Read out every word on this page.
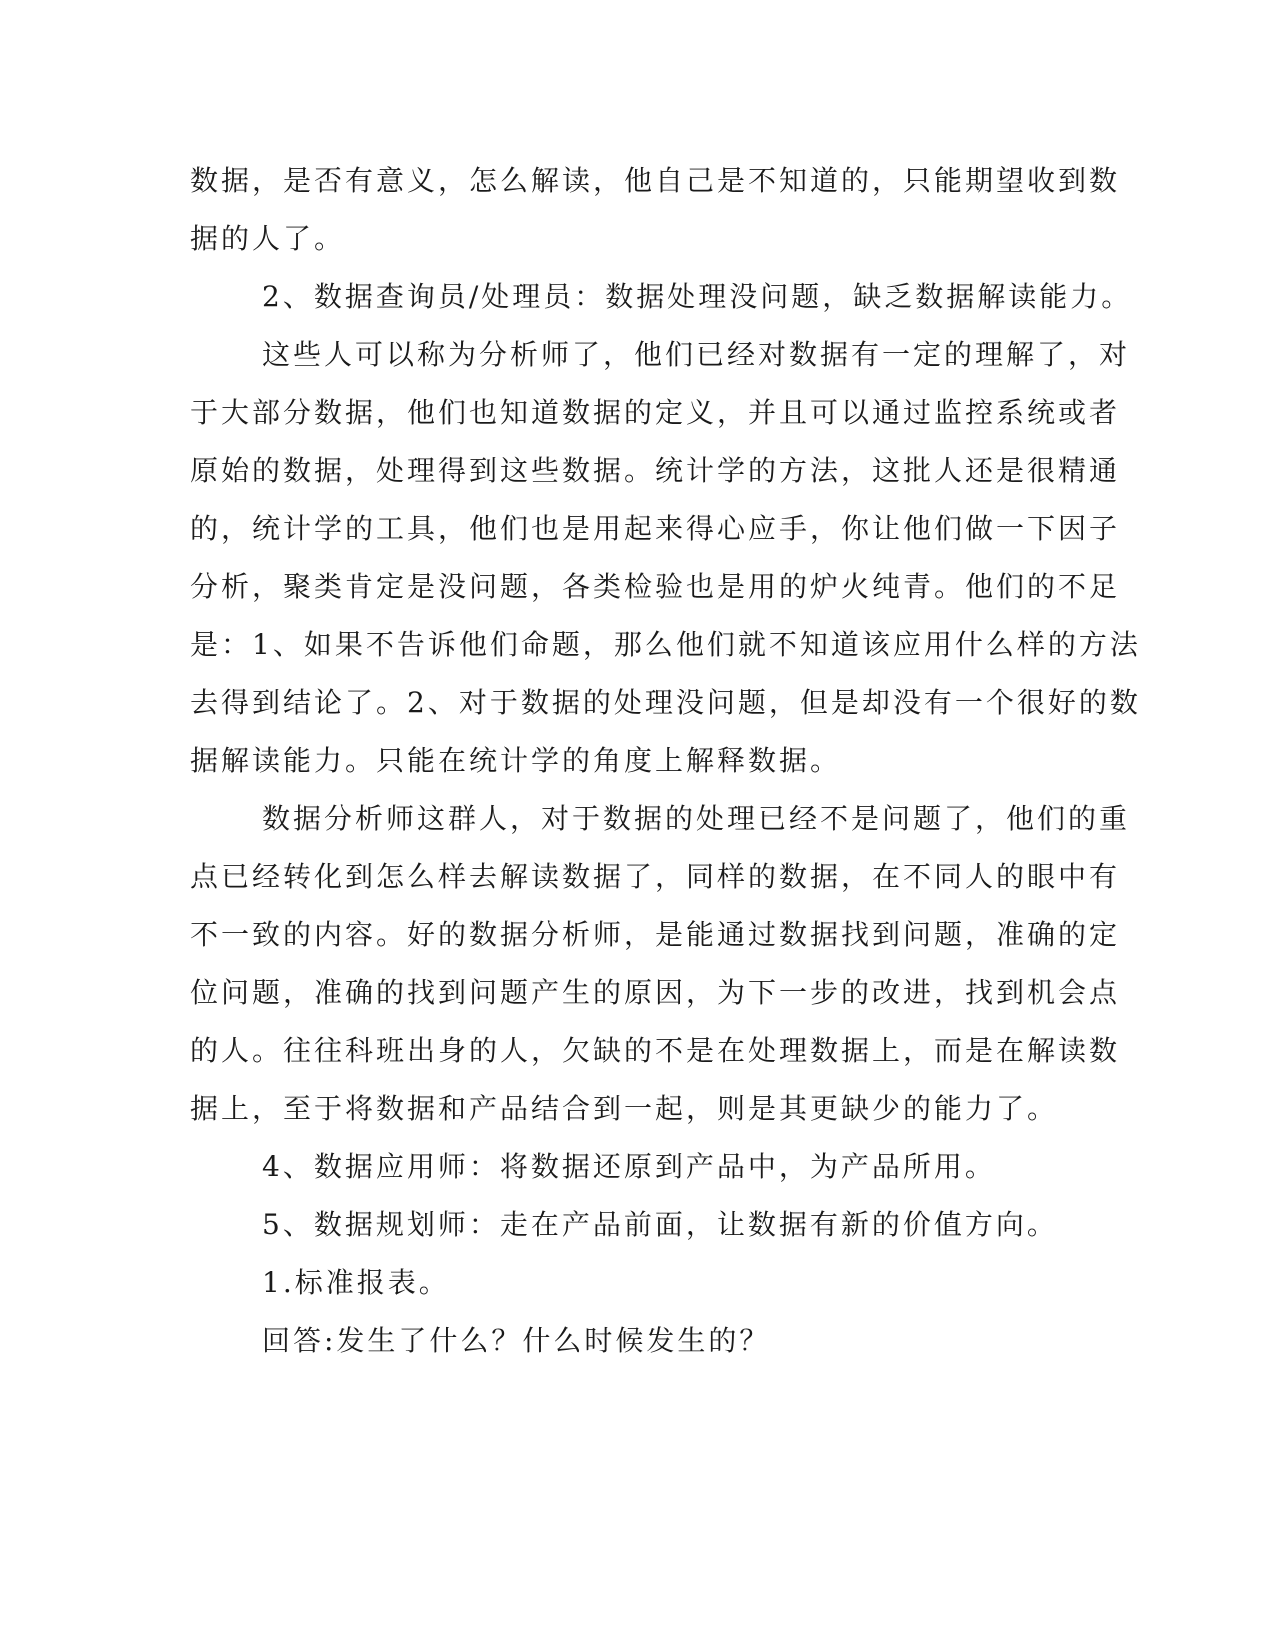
数据，是否有意义，怎么解读，他自己是不知道的，只能期望收到数

据的人了。

2、数据查询员/处理员：数据处理没问题，缺乏数据解读能力。

这些人可以称为分析师了，他们已经对数据有一定的理解了，对

于大部分数据，他们也知道数据的定义，并且可以通过监控系统或者

原始的数据，处理得到这些数据。统计学的方法，这批人还是很精通

的，统计学的工具，他们也是用起来得心应手，你让他们做一下因子

分析，聚类肯定是没问题，各类检验也是用的炉火纯青。他们的不足

是：1、如果不告诉他们命题，那么他们就不知道该应用什么样的方法

去得到结论了。2、对于数据的处理没问题，但是却没有一个很好的数

据解读能力。只能在统计学的角度上解释数据。

数据分析师这群人，对于数据的处理已经不是问题了，他们的重

点已经转化到怎么样去解读数据了，同样的数据，在不同人的眼中有

不一致的内容。好的数据分析师，是能通过数据找到问题，准确的定

位问题，准确的找到问题产生的原因，为下一步的改进，找到机会点

的人。往往科班出身的人，欠缺的不是在处理数据上，而是在解读数

据上，至于将数据和产品结合到一起，则是其更缺少的能力了。

4、数据应用师：将数据还原到产品中，为产品所用。

5、数据规划师：走在产品前面，让数据有新的价值方向。

1.标准报表。

回答:发生了什么？什么时候发生的？
